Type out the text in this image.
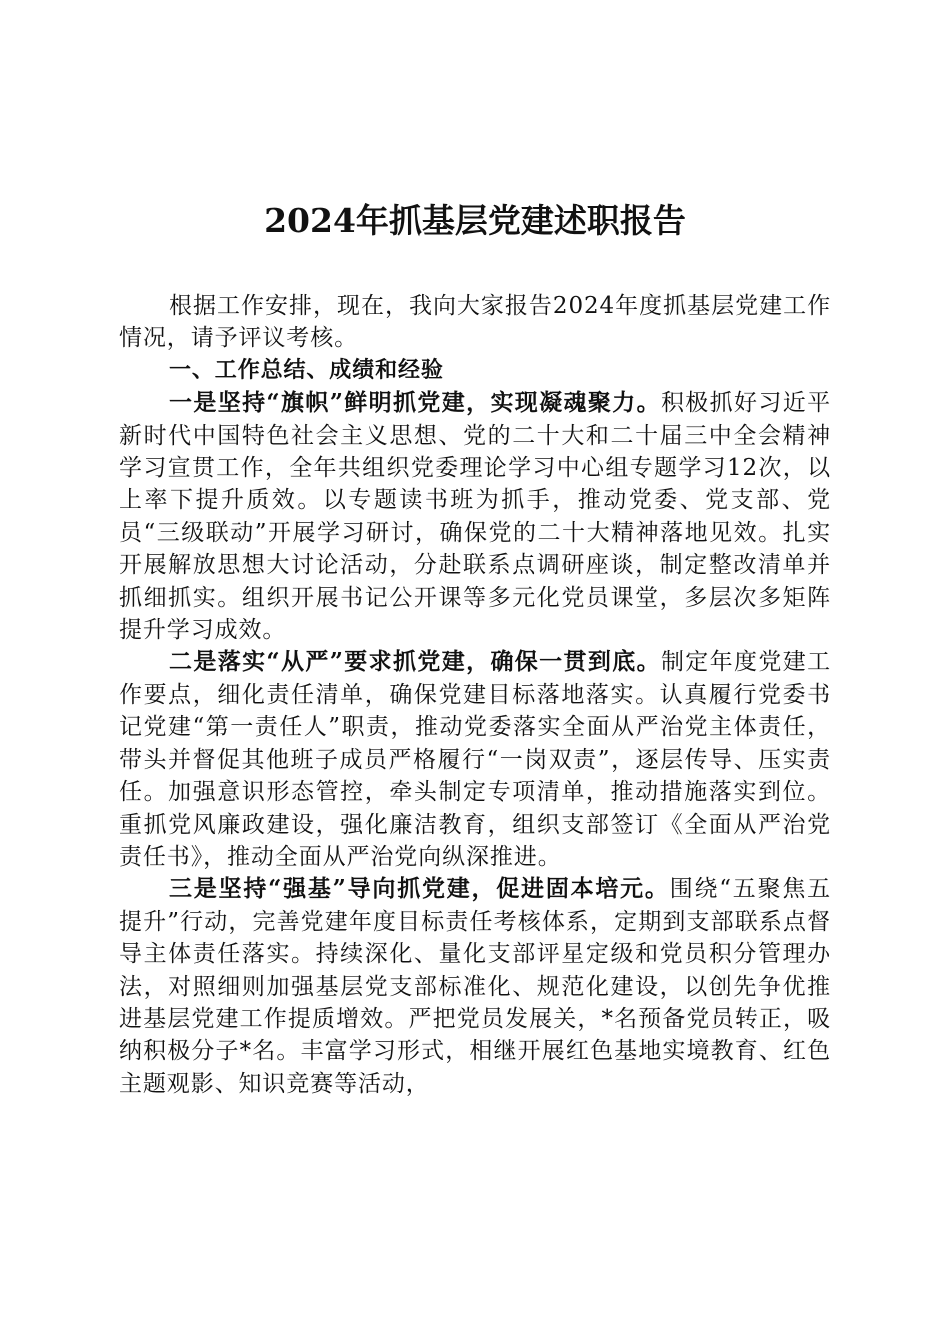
2024年抓基层党建述职报告

根据工作安排，现在，我向大家报告2024年度抓基层党建工作情况，请予评议考核。

一、工作总结、成绩和经验

一是坚持“旗帜”鲜明抓党建，实现凝魂聚力。积极抓好习近平新时代中国特色社会主义思想、党的二十大和二十届三中全会精神学习宣贯工作，全年共组织党委理论学习中心组专题学习12次，以上率下提升质效。以专题读书班为抓手，推动党委、党支部、党员“三级联动”开展学习研讨，确保党的二十大精神落地见效。扎实开展解放思想大讨论活动，分赴联系点调研座谈，制定整改清单并抓细抓实。组织开展书记公开课等多元化党员课堂，多层次多矩阵提升学习成效。

二是落实“从严”要求抓党建，确保一贯到底。制定年度党建工作要点，细化责任清单，确保党建目标落地落实。认真履行党委书记党建“第一责任人”职责，推动党委落实全面从严治党主体责任，带头并督促其他班子成员严格履行“一岗双责”，逐层传导、压实责任。加强意识形态管控，牵头制定专项清单，推动措施落实到位。重抓党风廉政建设，强化廉洁教育，组织支部签订《全面从严治党责任书》，推动全面从严治党向纵深推进。

三是坚持“强基”导向抓党建，促进固本培元。围绕“五聚焦五提升”行动，完善党建年度目标责任考核体系，定期到支部联系点督导主体责任落实。持续深化、量化支部评星定级和党员积分管理办法，对照细则加强基层党支部标准化、规范化建设，以创先争优推进基层党建工作提质增效。严把党员发展关，*名预备党员转正，吸纳积极分子*名。丰富学习形式，相继开展红色基地实境教育、红色主题观影、知识竞赛等活动，
